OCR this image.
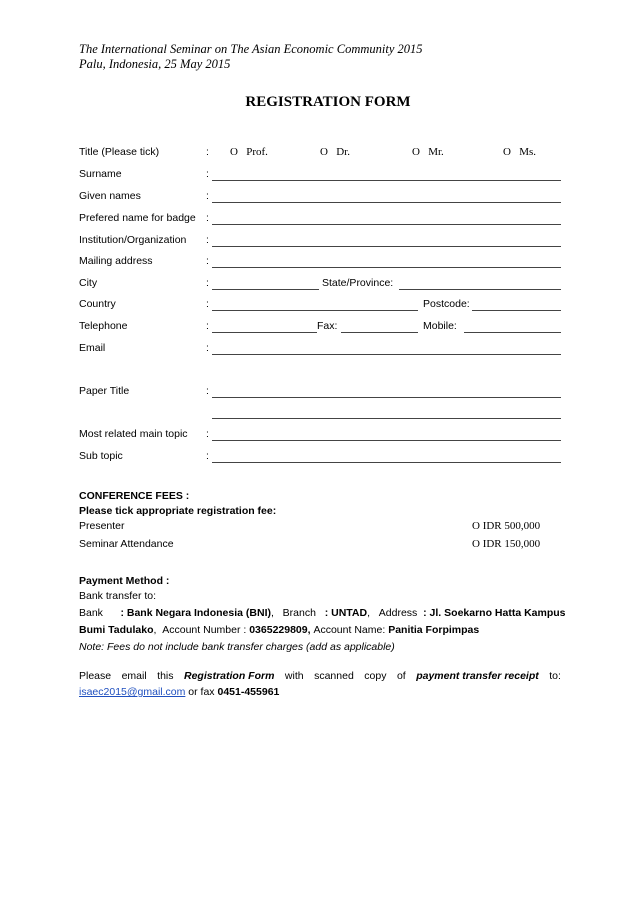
The International Seminar on The Asian Economic Community 2015
Palu, Indonesia, 25 May 2015
REGISTRATION FORM
Title (Please tick)	: O Prof.	O Dr.	O Mr.	O Ms.
Surname	:
Given names	:
Prefered name for badge :
Institution/Organization :
Mailing address	:
City	:	State/Province:
Country	:	Postcode:
Telephone	:	Fax:	Mobile:
Email	:
Paper Title	:
Most related main topic :
Sub topic	:
CONFERENCE FEES :
Please tick appropriate registration fee:
Presenter	O IDR 500,000
Seminar Attendance	O IDR 150,000
Payment Method :
Bank transfer to:
Bank : Bank Negara Indonesia (BNI),   Branch : UNTAD,   Address : Jl. Soekarno Hatta Kampus
Bumi Tadulako,  Account Number : 0365229809, Account Name: Panitia Forpimpas
Note: Fees do not include bank transfer charges (add as applicable)
Please email this Registration Form with scanned copy of payment transfer receipt to:
isaec2015@gmail.com or fax 0451-455961
